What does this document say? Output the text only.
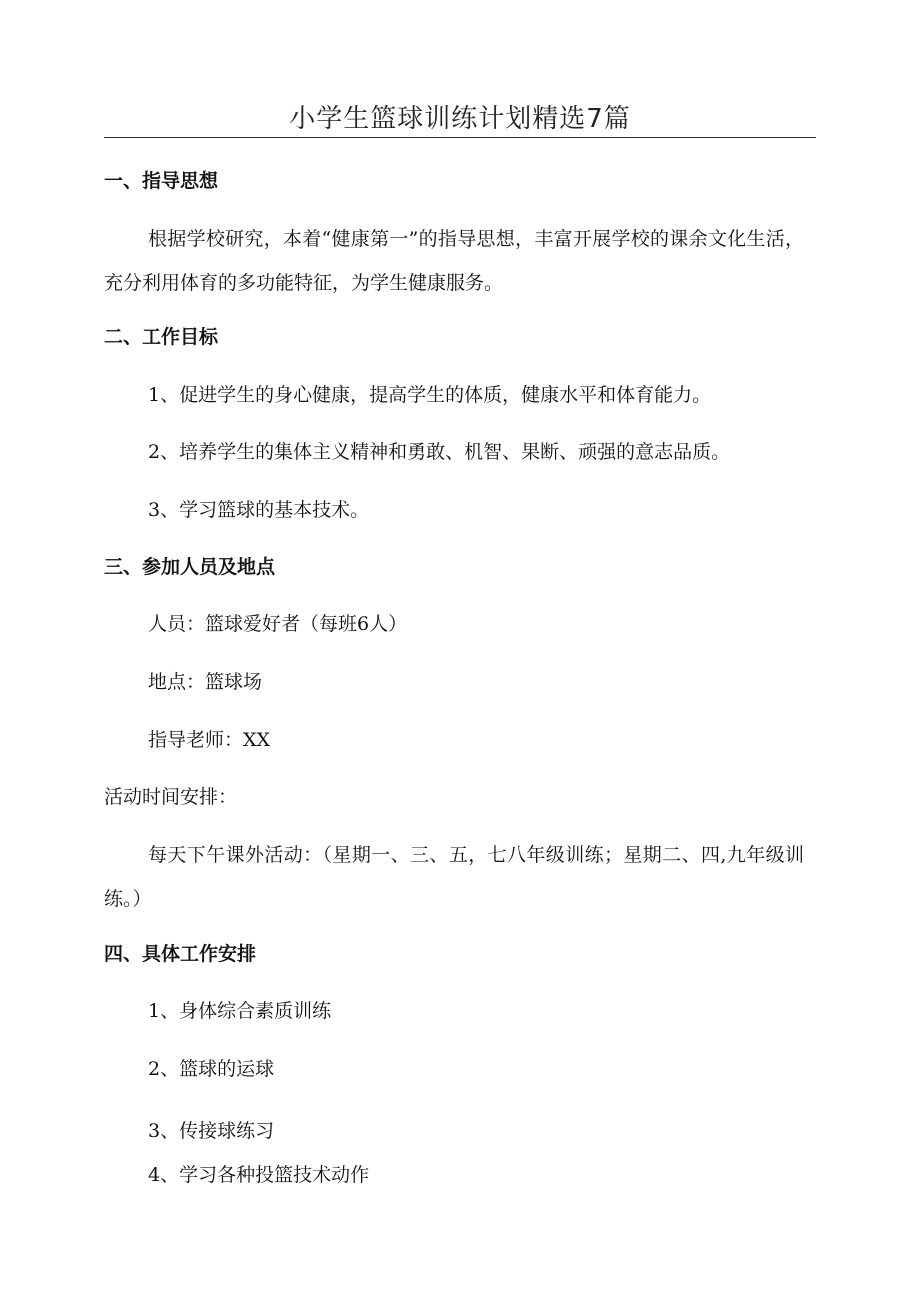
小学生篮球训练计划精选7篇
一、指导思想
根据学校研究，本着“健康第一”的指导思想，丰富开展学校的课余文化生活，充分利用体育的多功能特征，为学生健康服务。
二、工作目标
1、促进学生的身心健康，提高学生的体质，健康水平和体育能力。
2、培养学生的集体主义精神和勇敢、机智、果断、顽强的意志品质。
3、学习篮球的基本技术。
三、参加人员及地点
人员：篮球爱好者（每班6人）
地点：篮球场
指导老师：XX
活动时间安排：
每天下午课外活动：（星期一、三、五，七八年级训练；星期二、四,九年级训练。）
四、具体工作安排
1、身体综合素质训练
2、篮球的运球
3、传接球练习
4、学习各种投篮技术动作
